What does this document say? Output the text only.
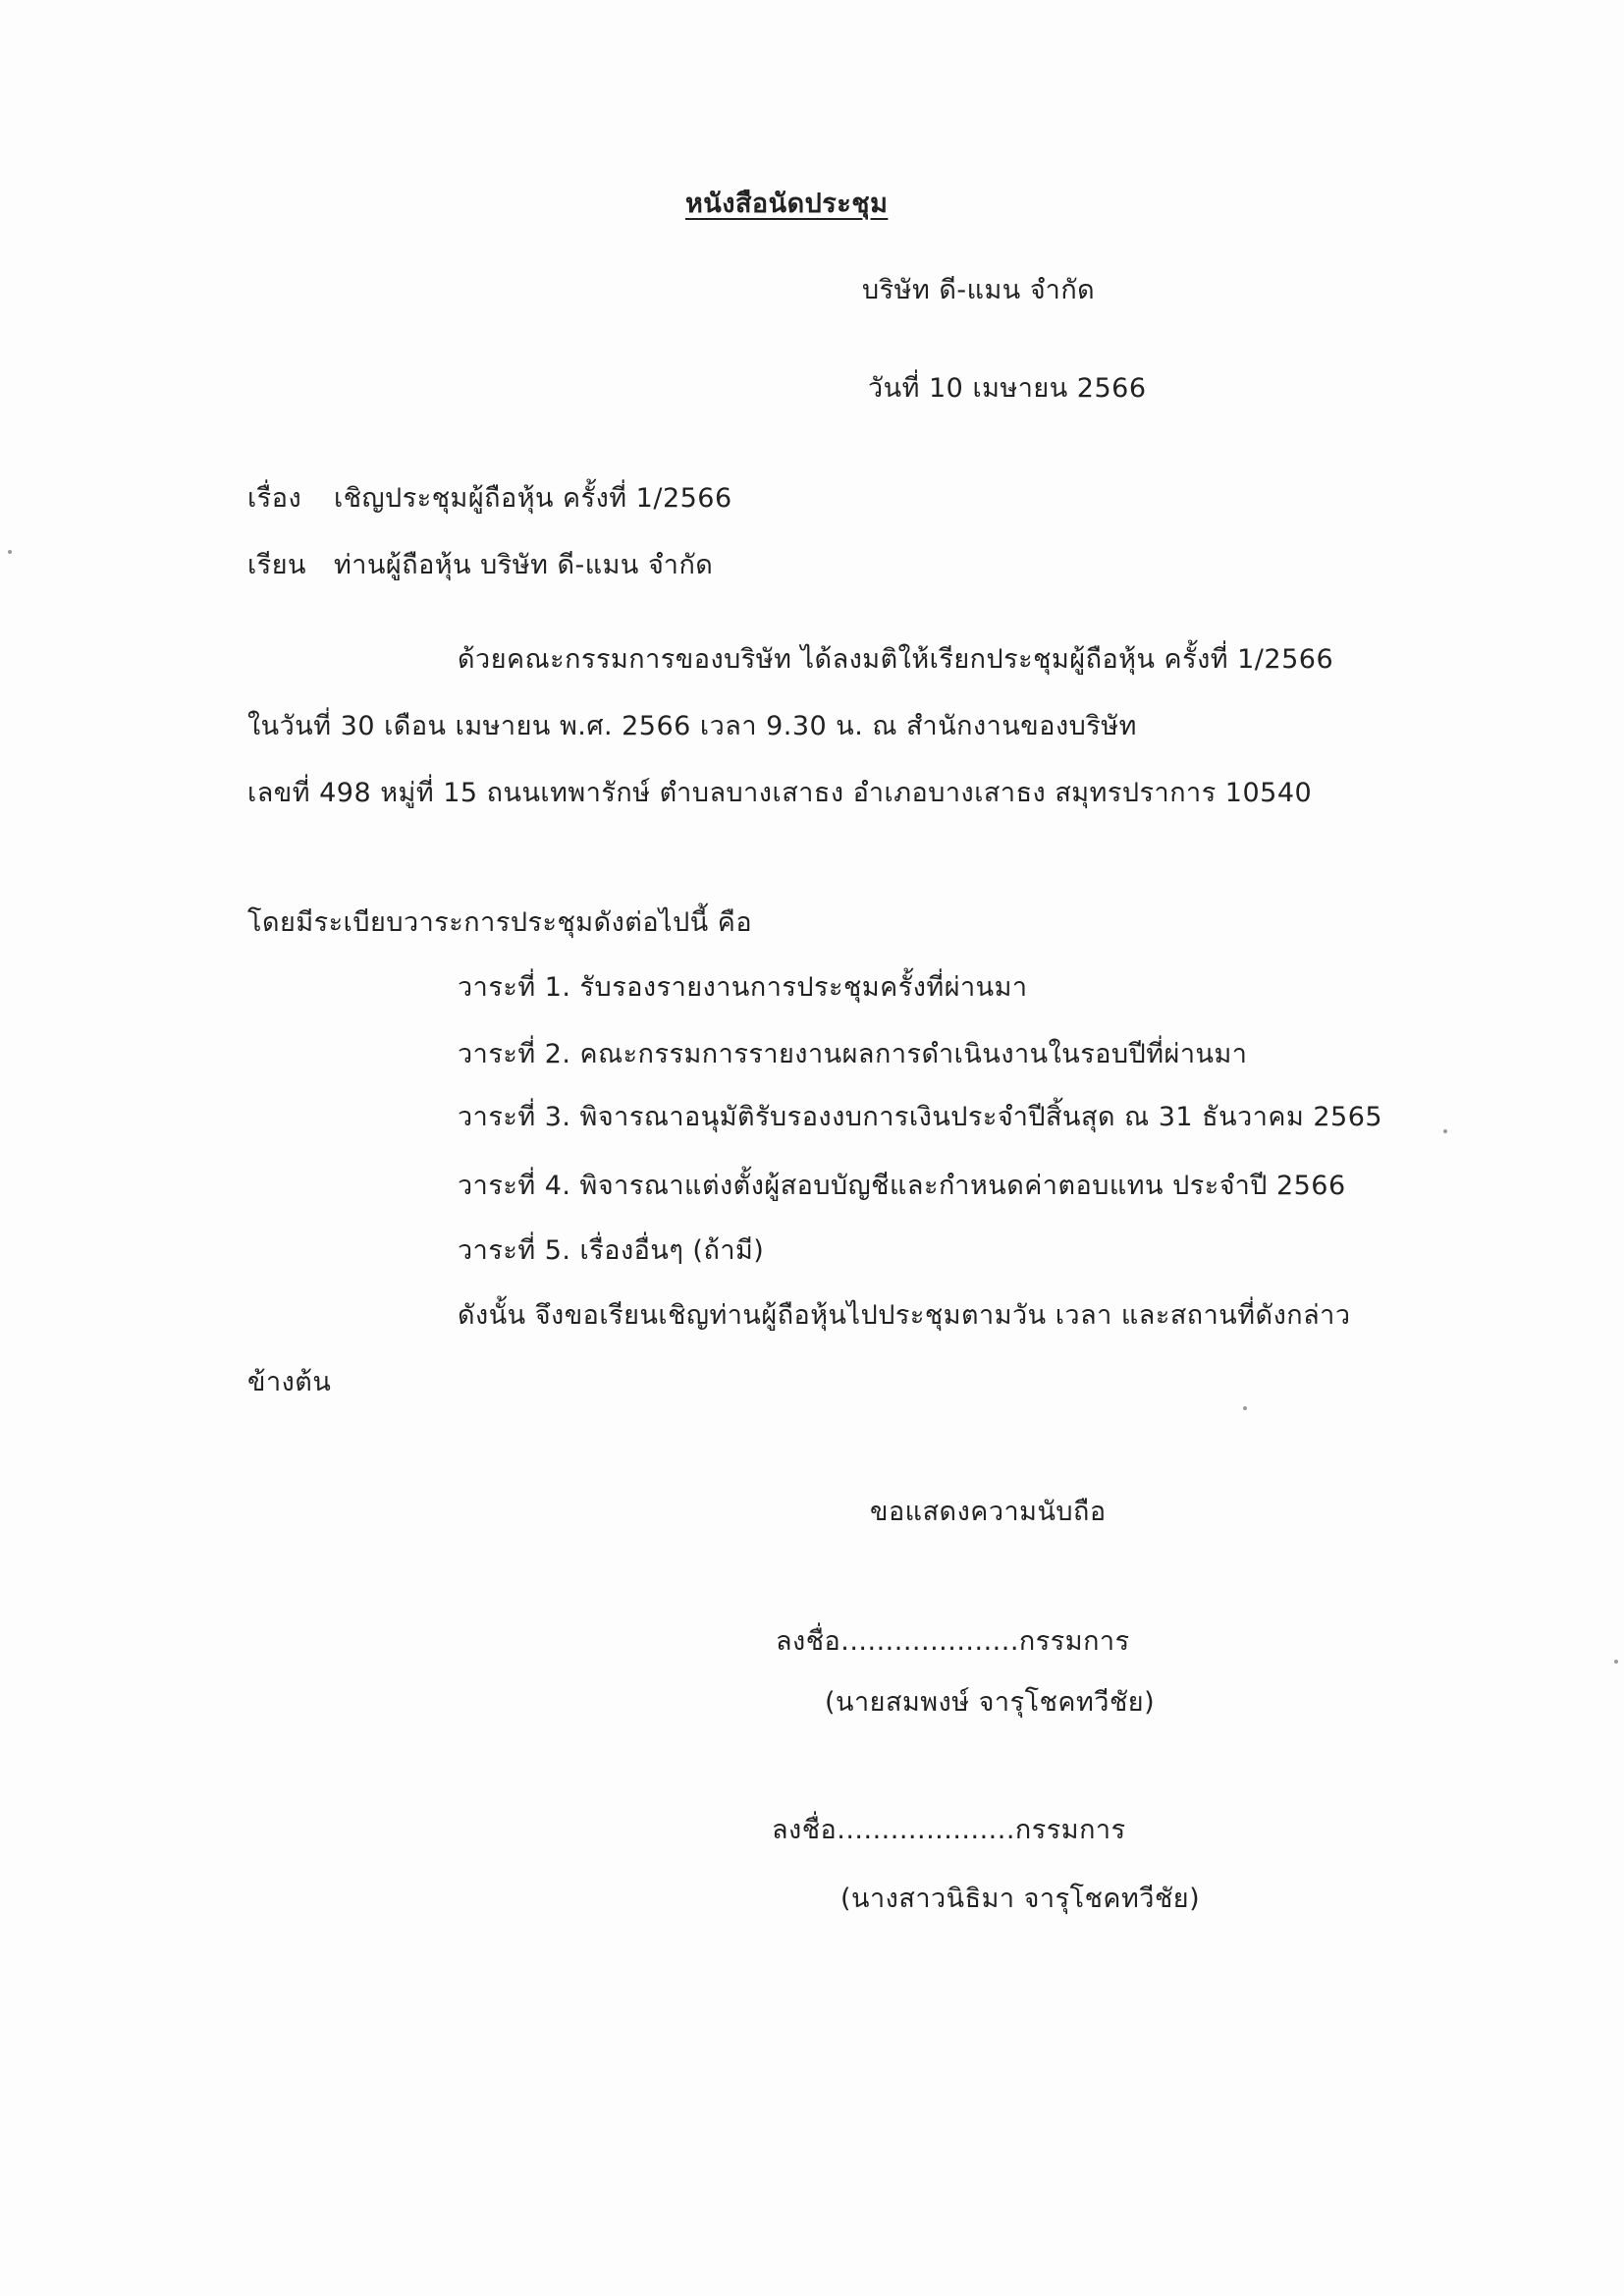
หนังสือนัดประชุม
บริษัท ดี-แมน จำกัด
วันที่ 10 เมษายน 2566
เรื่อง เชิญประชุมผู้ถือหุ้น ครั้งที่ 1/2566
เรียน ท่านผู้ถือหุ้น บริษัท ดี-แมน จำกัด
ด้วยคณะกรรมการของบริษัท ได้ลงมติให้เรียกประชุมผู้ถือหุ้น ครั้งที่ 1/2566
ในวันที่ 30 เดือน เมษายน พ.ศ. 2566 เวลา 9.30 น. ณ สำนักงานของบริษัท
เลขที่ 498 หมู่ที่ 15 ถนนเทพารักษ์ ตำบลบางเสาธง อำเภอบางเสาธง สมุทรปราการ 10540
โดยมีระเบียบวาระการประชุมดังต่อไปนี้ คือ
วาระที่ 1. รับรองรายงานการประชุมครั้งที่ผ่านมา
วาระที่ 2. คณะกรรมการรายงานผลการดำเนินงานในรอบปีที่ผ่านมา
วาระที่ 3. พิจารณาอนุมัติรับรองงบการเงินประจำปีสิ้นสุด ณ 31 ธันวาคม 2565
วาระที่ 4. พิจารณาแต่งตั้งผู้สอบบัญชีและกำหนดค่าตอบแทน ประจำปี 2566
วาระที่ 5. เรื่องอื่นๆ (ถ้ามี)
ดังนั้น จึงขอเรียนเชิญท่านผู้ถือหุ้นไปประชุมตามวัน เวลา และสถานที่ดังกล่าว
ข้างต้น
ขอแสดงความนับถือ
ลงชื่อ....................กรรมการ
(นายสมพงษ์ จารุโชคทวีชัย)
ลงชื่อ....................กรรมการ
(นางสาวนิธิมา จารุโชคทวีชัย)
